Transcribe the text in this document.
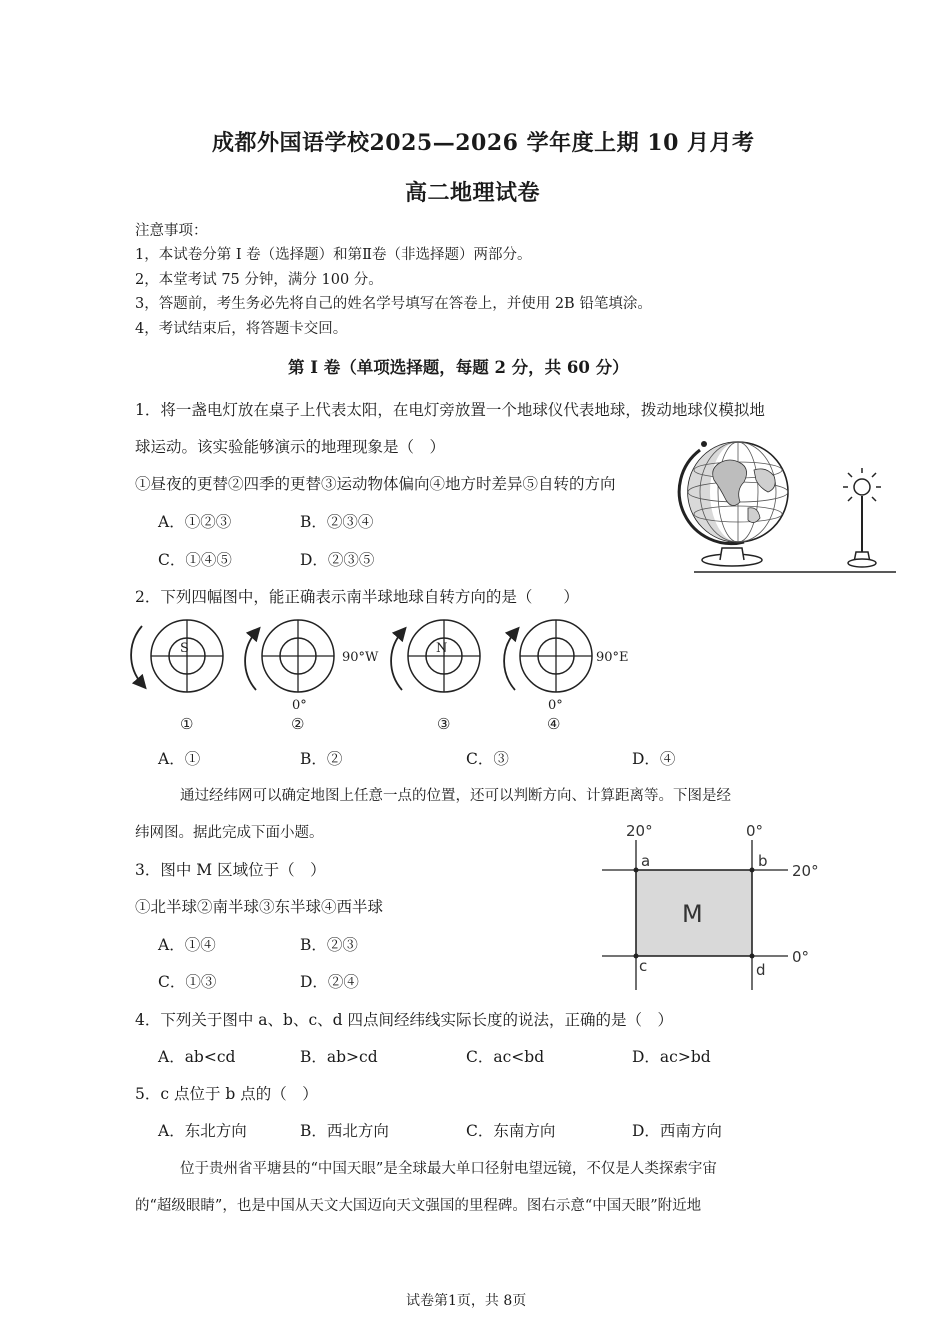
成都外国语学校2025—2026 学年度上期 10 月月考
高二地理试卷
注意事项：
1，本试卷分第 I 卷（选择题）和第Ⅱ卷（非选择题）两部分。
2，本堂考试 75 分钟，满分 100 分。
3，答题前，考生务必先将自己的姓名学号填写在答卷上，并使用 2B 铅笔填涂。
4，考试结束后，将答题卡交回。
第 I 卷（单项选择题，每题 2 分，共 60 分）
1．将一盏电灯放在桌子上代表太阳，在电灯旁放置一个地球仪代表地球，拨动地球仪模拟地
球运动。该实验能够演示的地理现象是（　）
①昼夜的更替②四季的更替③运动物体偏向④地方时差异⑤自转的方向
A．①②③	B．②③④
C．①④⑤	D．②③⑤
2．下列四幅图中，能正确表示南半球地球自转方向的是（　　）
S
①
90°W
0°
②
N
③
90°E
0°
④
A．①	B．②	C．③	D．④
通过经纬网可以确定地图上任意一点的位置，还可以判断方向、计算距离等。下图是经
纬网图。据此完成下面小题。	20°	0°
20°
0°
a	b
c	d
M
3．图中 M 区域位于（　）
①北半球②南半球③东半球④西半球
A．①④	B．②③
C．①③	D．②④
4．下列关于图中 a、b、c、d 四点间经纬线实际长度的说法，正确的是（　）
A．ab<cd	B．ab>cd	C．ac<bd	D．ac>bd
5．c 点位于 b 点的（　）
A．东北方向	B．西北方向	C．东南方向	D．西南方向
位于贵州省平塘县的“中国天眼”是全球最大单口径射电望远镜，不仅是人类探索宇宙
的“超级眼睛”，也是中国从天文大国迈向天文强国的里程碑。图右示意“中国天眼”附近地
试卷第1页，共 8页
